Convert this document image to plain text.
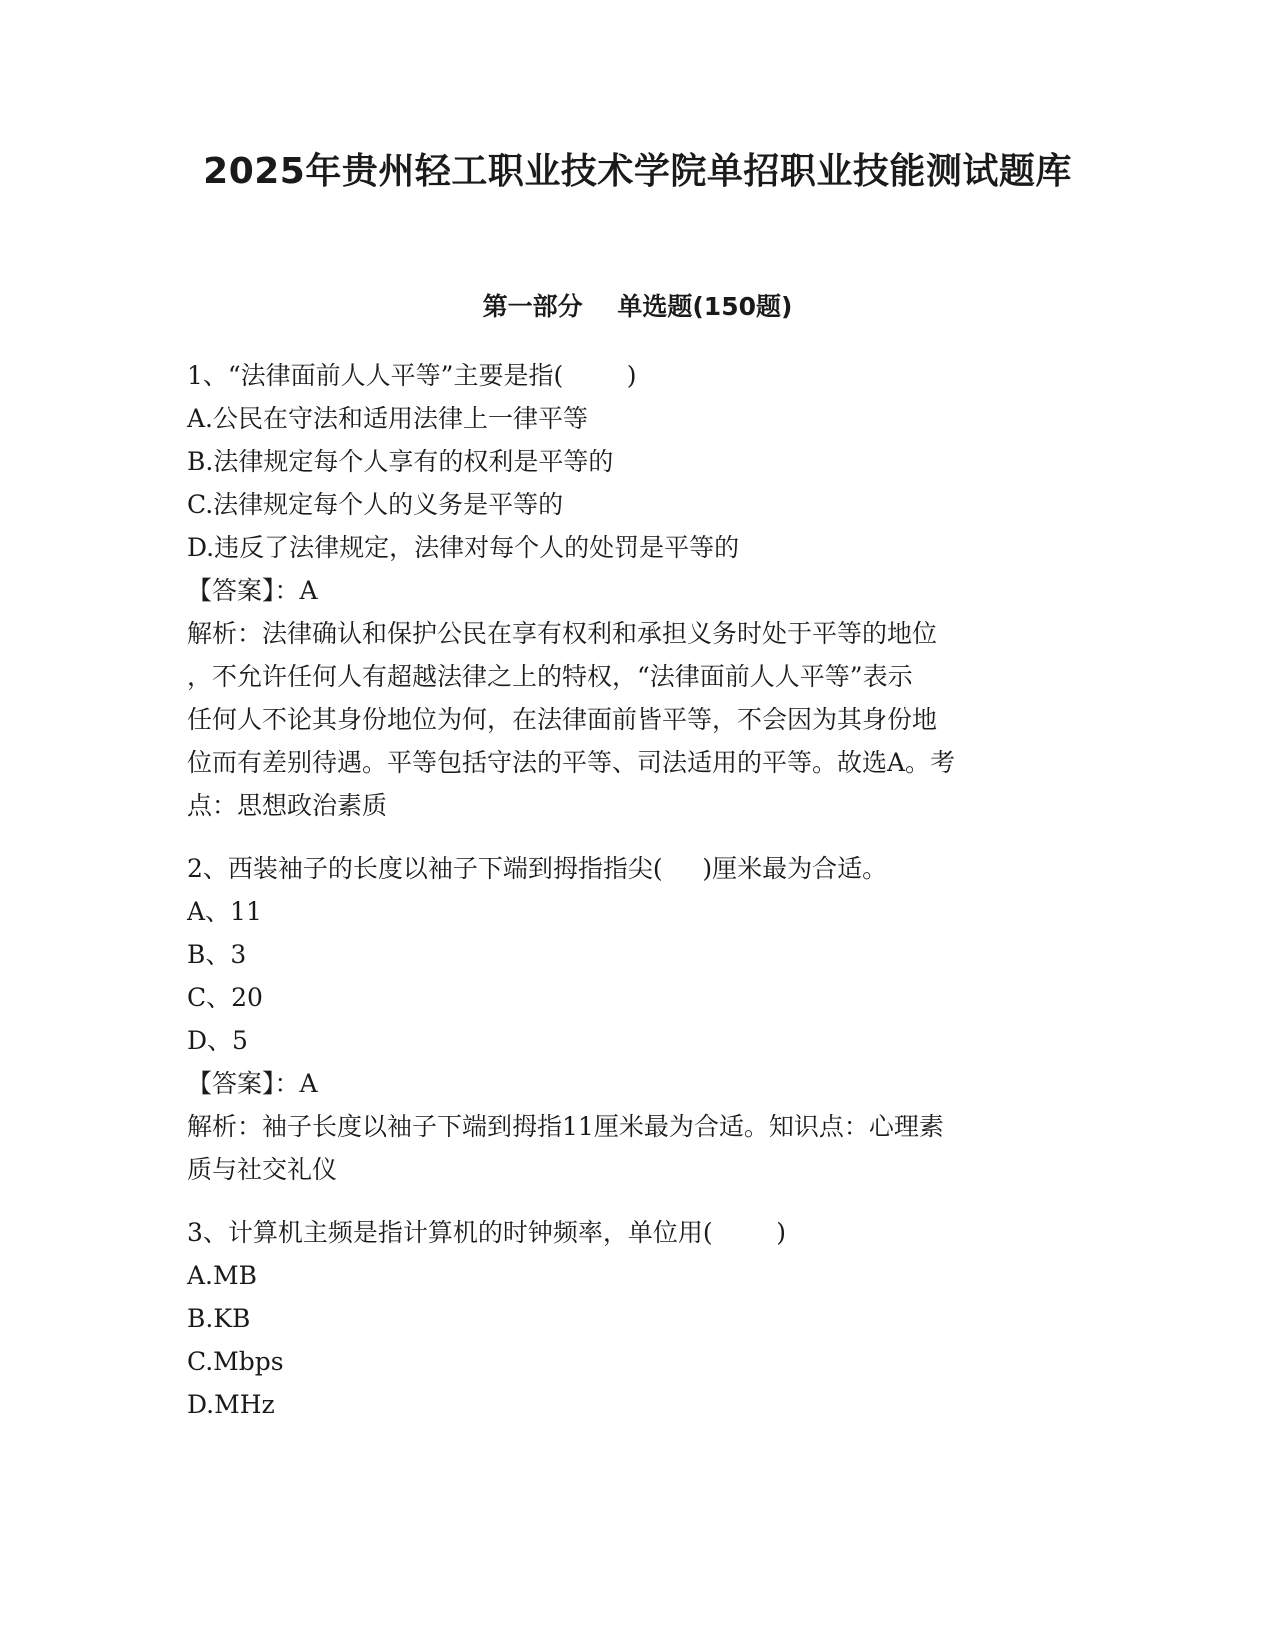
2025年贵州轻工职业技术学院单招职业技能测试题库
第一部分    单选题(150题)
1、“法律面前人人平等”主要是指(        )
A.公民在守法和适用法律上一律平等
B.法律规定每个人享有的权利是平等的
C.法律规定每个人的义务是平等的
D.违反了法律规定，法律对每个人的处罚是平等的
【答案】：A
解析：法律确认和保护公民在享有权利和承担义务时处于平等的地位
，不允许任何人有超越法律之上的特权，“法律面前人人平等”表示
任何人不论其身份地位为何，在法律面前皆平等，不会因为其身份地
位而有差别待遇。平等包括守法的平等、司法适用的平等。故选A。考
点：思想政治素质
2、西装袖子的长度以袖子下端到拇指指尖(     )厘米最为合适。
A、11
B、3
C、20
D、5
【答案】：A
解析：袖子长度以袖子下端到拇指11厘米最为合适。知识点：心理素
质与社交礼仪
3、计算机主频是指计算机的时钟频率，单位用(        )
A.MB
B.KB
C.Mbps
D.MHz
